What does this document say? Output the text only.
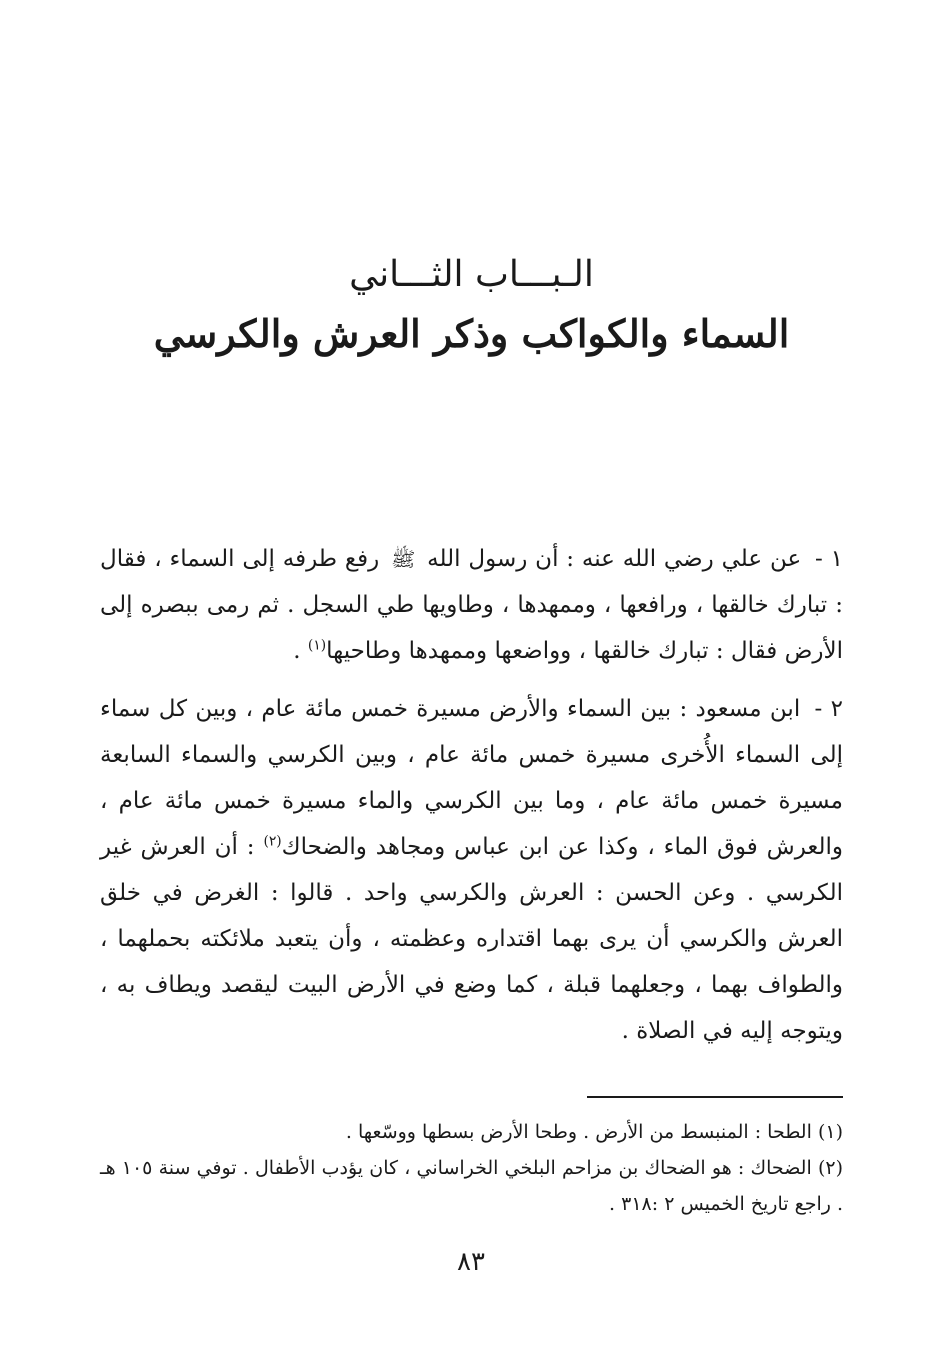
الـبـــاب الثـــاني
السماء والكواكب وذكر العرش والكرسي

١ - عن علي رضي الله عنه : أن رسول الله ﷺ رفع طرفه إلى السماء ، فقال : تبارك خالقها ، ورافعها ، وممهدها ، وطاويها طي السجل . ثم رمى ببصره إلى الأرض فقال : تبارك خالقها ، وواضعها وممهدها وطاحيها$^{(١)}$ .

٢ - ابن مسعود : بين السماء والأرض مسيرة خمس مائة عام ، وبين كل سماء إلى السماء الأُخرى مسيرة خمس مائة عام ، وبين الكرسي والسماء السابعة مسيرة خمس مائة عام ، وما بين الكرسي والماء مسيرة خمس مائة عام ، والعرش فوق الماء ، وكذا عن ابن عباس ومجاهد والضحاك$^{(٢)}$ : أن العرش غير الكرسي . وعن الحسن : العرش والكرسي واحد . قالوا : الغرض في خلق العرش والكرسي أن يرى بهما اقتداره وعظمته ، وأن يتعبد ملائكته بحملهما ، والطواف بهما ، وجعلهما قبلة ، كما وضع في الأرض البيت ليقصد ويطاف به ، ويتوجه إليه في الصلاة .

(١) الطحا : المنبسط من الأرض . وطحا الأرض بسطها ووسّعها .

(٢) الضحاك : هو الضحاك بن مزاحم البلخي الخراساني ، كان يؤدب الأطفال . توفي سنة ١٠٥ هـ . راجع تاريخ الخميس ٢ :٣١٨ .

٨٣
